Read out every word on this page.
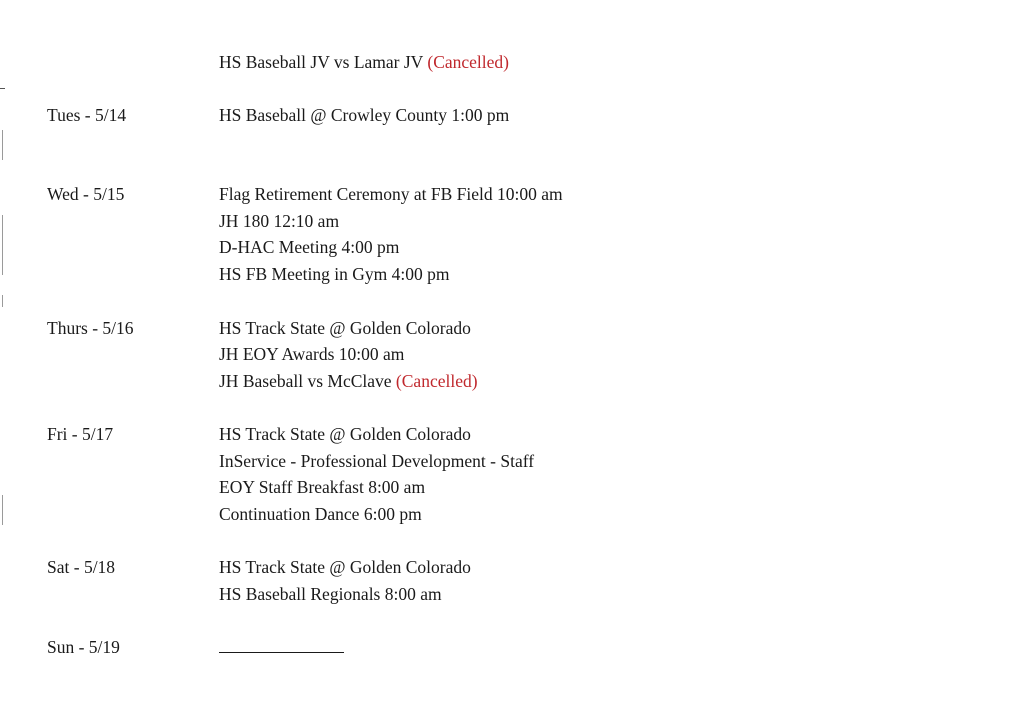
HS Baseball JV vs Lamar JV (Cancelled)
Tues - 5/14	HS Baseball @ Crowley County 1:00 pm
Wed - 5/15	Flag Retirement Ceremony at FB Field 10:00 am
JH 180 12:10 am
D-HAC Meeting 4:00 pm
HS FB Meeting in Gym 4:00 pm
Thurs - 5/16	HS Track State @ Golden Colorado
JH EOY Awards 10:00 am
JH Baseball vs McClave (Cancelled)
Fri - 5/17	HS Track State @ Golden Colorado
InService - Professional Development - Staff
EOY Staff Breakfast 8:00 am
Continuation Dance 6:00 pm
Sat - 5/18	HS Track State @ Golden Colorado
HS Baseball Regionals 8:00 am
Sun - 5/19
